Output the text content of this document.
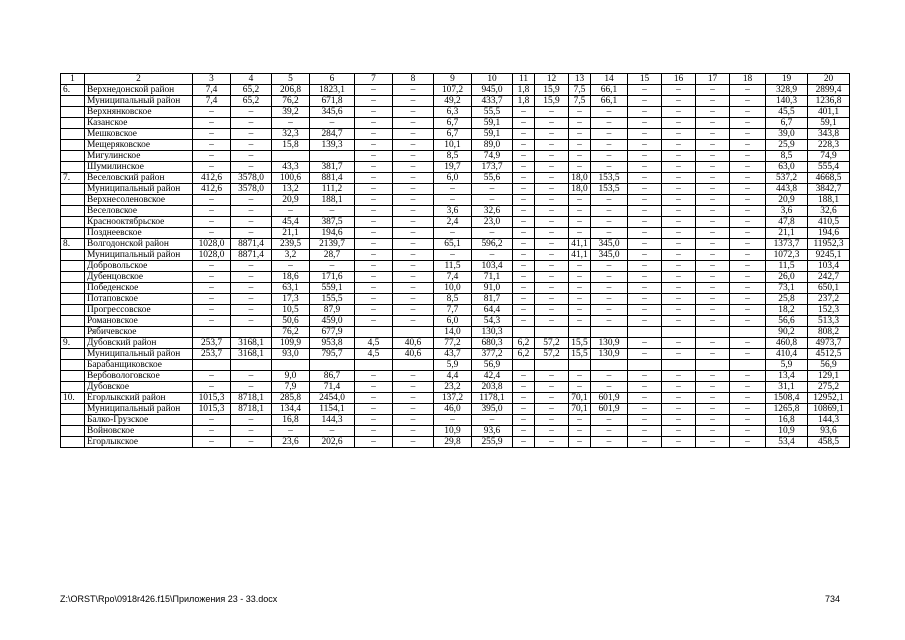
1	2	3	4	5	6	7	8	9	10	11	12	13	14	15	16	17	18	19	20
6.	Верхнедонской район	7,4	65,2	206,8	1823,1	–	–	107,2	945,0	1,8	15,9	7,5	66,1	–	–	–	–	328,9	2899,4
	Муниципальный район	7,4	65,2	76,2	671,8	–	–	49,2	433,7	1,8	15,9	7,5	66,1	–	–	–	–	140,3	1236,8
	Верхнянковское	–	–	39,2	345,6	–	–	6,3	55,5	–	–	–	–	–	–	–	–	45,5	401,1
	Казанское	–	–	–	–	–	–	6,7	59,1	–	–	–	–	–	–	–	–	6,7	59,1
	Мешковское	–	–	32,3	284,7	–	–	6,7	59,1	–	–	–	–	–	–	–	–	39,0	343,8
	Мещеряковское	–	–	15,8	139,3	–	–	10,1	89,0	–	–	–	–	–	–	–	–	25,9	228,3
	Мигулинское	–	–			–	–	8,5	74,9	–	–	–	–	–	–	–	–	8,5	74,9
	Шумилинское	–	–	43,3	381,7	–	–	19,7	173,7	–	–	–	–	–	–	–	–	63,0	555,4
7.	Веселовский район	412,6	3578,0	100,6	881,4	–	–	6,0	55,6	–	–	18,0	153,5	–	–	–	–	537,2	4668,5
	Муниципальный район	412,6	3578,0	13,2	111,2	–	–	–	–	–	–	18,0	153,5	–	–	–	–	443,8	3842,7
	Верхнесоленовское	–	–	20,9	188,1	–	–	–	–	–	–	–	–	–	–	–	–	20,9	188,1
	Веселовское	–	–	–	–	–	–	3,6	32,6	–	–	–	–	–	–	–	–	3,6	32,6
	Краснооктябрьское	–	–	45,4	387,5	–	–	2,4	23,0	–	–	–	–	–	–	–	–	47,8	410,5
	Позднеевское	–	–	21,1	194,6	–	–	–	–	–	–	–	–	–	–	–	–	21,1	194,6
8.	Волгодонской район	1028,0	8871,4	239,5	2139,7	–	–	65,1	596,2	–	–	41,1	345,0	–	–	–	–	1373,7	11952,3
	Муниципальный район	1028,0	8871,4	3,2	28,7	–	–	–	–	–	–	41,1	345,0	–	–	–	–	1072,3	9245,1
	Добровольское	–	–	–	–	–	–	11,5	103,4	–	–	–	–	–	–	–	–	11,5	103,4
	Дубенцовское	–	–	18,6	171,6	–	–	7,4	71,1	–	–	–	–	–	–	–	–	26,0	242,7
	Победенское	–	–	63,1	559,1	–	–	10,0	91,0	–	–	–	–	–	–	–	–	73,1	650,1
	Потаповское	–	–	17,3	155,5	–	–	8,5	81,7	–	–	–	–	–	–	–	–	25,8	237,2
	Прогрессовское	–	–	10,5	87,9	–	–	7,7	64,4	–	–	–	–	–	–	–	–	18,2	152,3
	Романовское	–	–	50,6	459,0	–	–	6,0	54,3	–	–	–	–	–	–	–	–	56,6	513,3
	Рябичевское			76,2	677,9			14,0	130,3									90,2	808,2
9.	Дубовский район	253,7	3168,1	109,9	953,8	4,5	40,6	77,2	680,3	6,2	57,2	15,5	130,9	–	–	–	–	460,8	4973,7
	Муниципальный район	253,7	3168,1	93,0	795,7	4,5	40,6	43,7	377,2	6,2	57,2	15,5	130,9	–	–	–	–	410,4	4512,5
	Барабанщиковское							5,9	56,9									5,9	56,9
	Вербовологовское	–	–	9,0	86,7	–	–	4,4	42,4	–	–	–	–	–	–	–	–	13,4	129,1
	Дубовское	–	–	7,9	71,4	–	–	23,2	203,8	–	–	–	–	–	–	–	–	31,1	275,2
10.	Егорлыкский район	1015,3	8718,1	285,8	2454,0	–	–	137,2	1178,1	–	–	70,1	601,9	–	–	–	–	1508,4	12952,1
	Муниципальный район	1015,3	8718,1	134,4	1154,1	–	–	46,0	395,0	–	–	70,1	601,9	–	–	–	–	1265,8	10869,1
	Балко-Грузское	–	–	16,8	144,3	–	–	–	–	–	–	–	–	–	–	–	–	16,8	144,3
	Войновское	–	–	–	–	–	–	10,9	93,6	–	–	–	–	–	–	–	–	10,9	93,6
	Егорлыкское	–	–	23,6	202,6	–	–	29,8	255,9	–	–	–	–	–	–	–	–	53,4	458,5
Z:\ORST\Rpo\0918r426.f15\Приложения 23 - 33.docx	734
